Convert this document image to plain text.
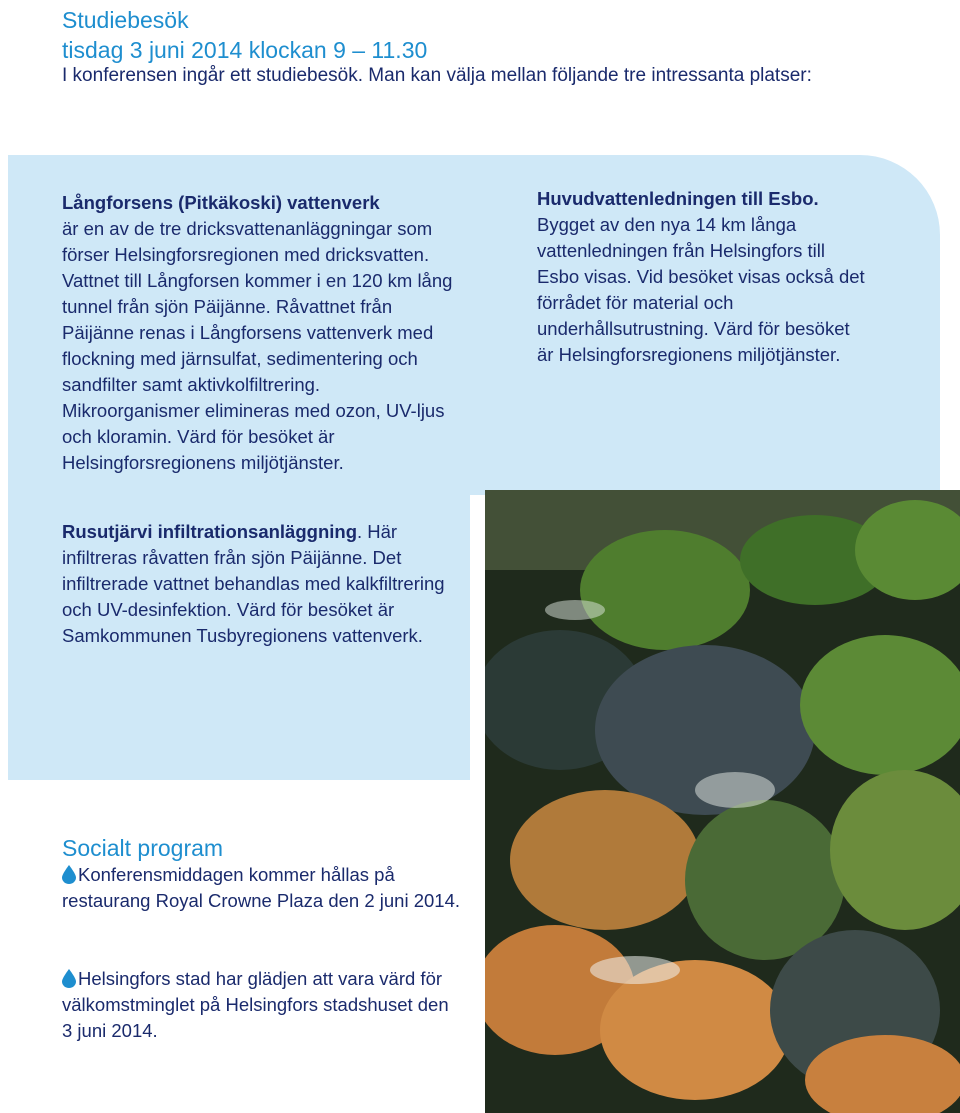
Studiebesök
tisdag 3 juni 2014 klockan 9 – 11.30

I konferensen ingår ett studiebesök. Man kan välja mellan följande tre intressanta platser:

Långforsens (Pitkäkoski) vattenverk
är en av de tre dricksvattenanläggningar som förser Helsingforsregionen med dricksvatten. Vattnet till Långforsen kommer i en 120 km lång tunnel från sjön Päijänne. Råvattnet från Päijänne renas i Långforsens vattenverk med flockning med järnsulfat, sedimentering och sandfilter samt aktivkolfiltrering. Mikroorganismer elimineras med ozon, UV-ljus och kloramin. Värd för besöket är Helsingforsregionens miljötjänster.

Huvudvattenledningen till Esbo.
Bygget av den nya 14 km långa vattenledningen från Helsingfors till Esbo visas. Vid besöket visas också det förrådet för material och underhållsutrustning. Värd för besöket är Helsingforsregionens miljötjänster.

Rusutjärvi infiltrationsanläggning. Här infiltreras råvatten från sjön Päijänne. Det infiltrerade vattnet behandlas med kalkfiltrering och UV-desinfektion. Värd för besöket är Samkommunen Tusbyregionens vattenverk.

Socialt program

Konferensmiddagen kommer hållas på restaurang Royal Crowne Plaza den 2 juni 2014.

Helsingfors stad har glädjen att vara värd för välkomstminglet på Helsingfors stadshuset den 3 juni 2014.
